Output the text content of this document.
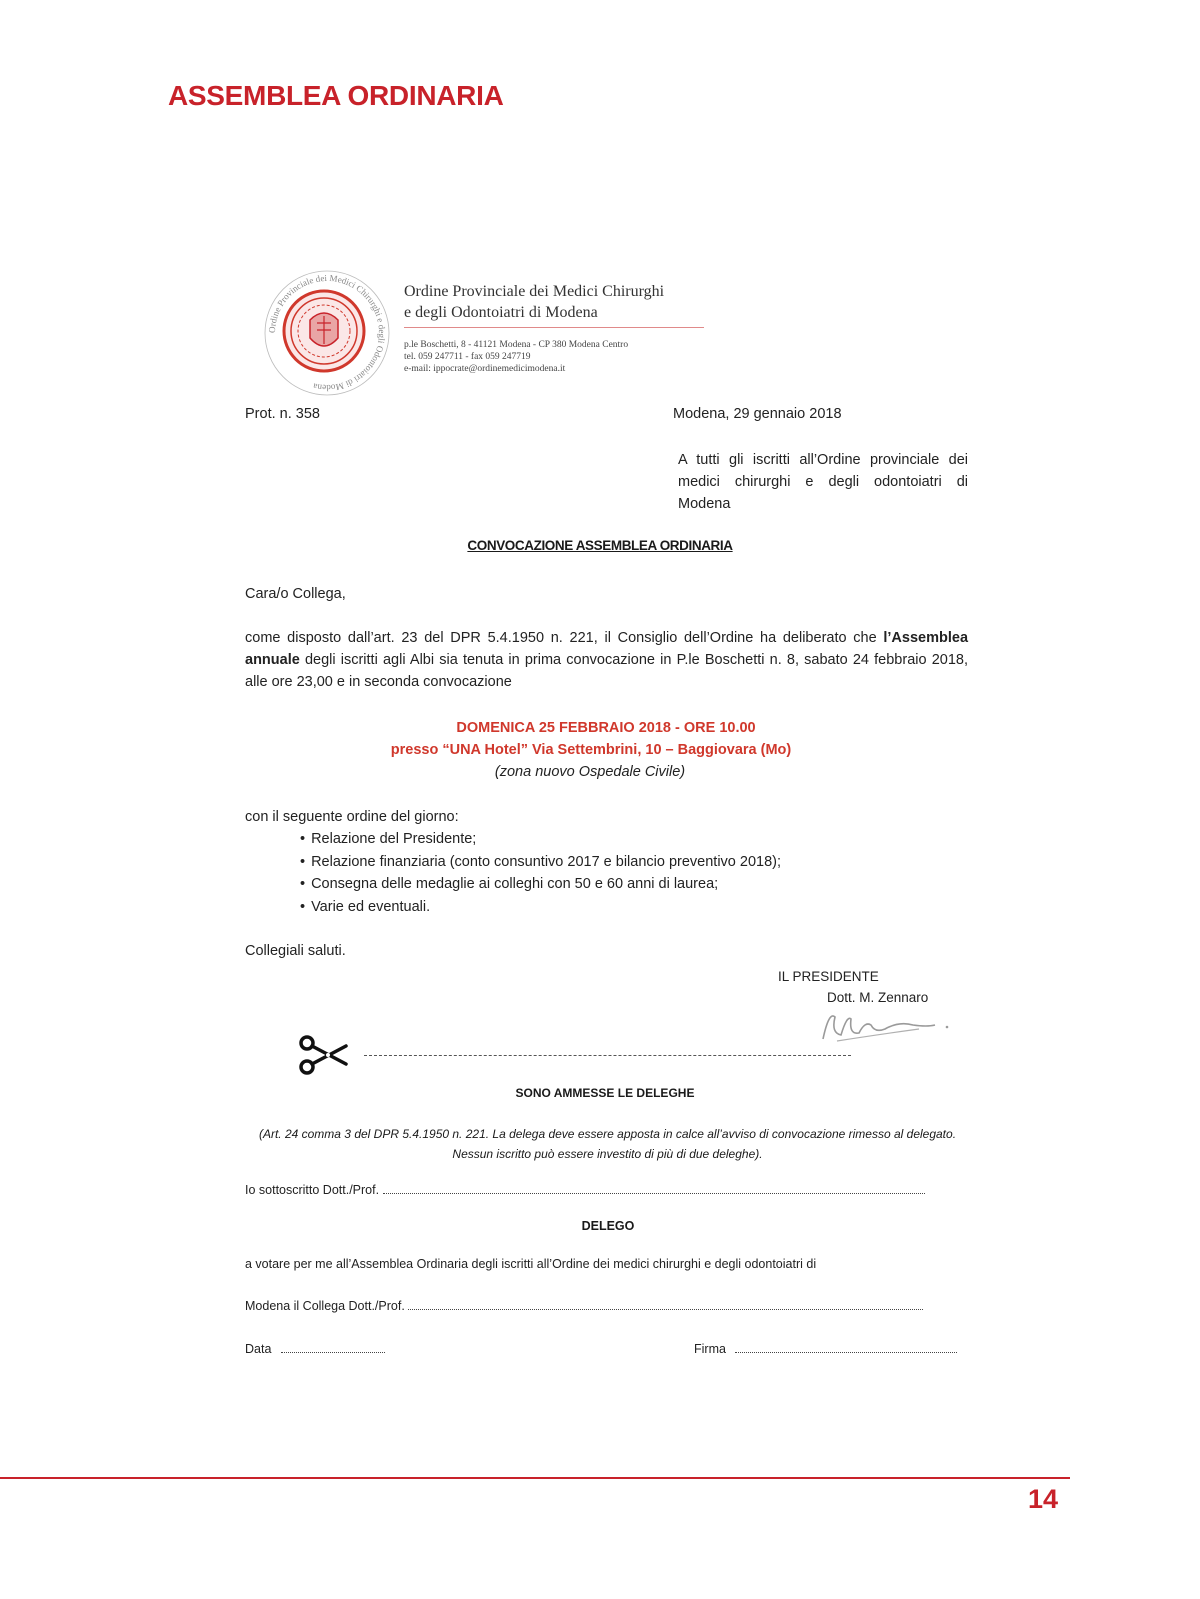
ASSEMBLEA ORDINARIA
Ordine Provinciale dei Medici Chirurghi e degli Odontoiatri di Modena
Ordine Provinciale dei Medici Chirurghi
e degli Odontoiatri di Modena
p.le Boschetti, 8 - 41121 Modena - CP 380 Modena Centro
tel. 059 247711 - fax 059 247719
e-mail: ippocrate@ordinemedicimodena.it
Prot. n. 358	Modena, 29 gennaio 2018
A tutti gli iscritti all’Ordine provinciale dei medici chirurghi e degli odontoiatri di Modena
CONVOCAZIONE ASSEMBLEA ORDINARIA
Cara/o Collega,
come disposto dall’art. 23 del DPR 5.4.1950 n. 221, il Consiglio dell’Ordine ha deliberato che l’Assemblea annuale degli iscritti agli Albi sia tenuta in prima convocazione in P.le Boschetti n. 8, sabato 24 febbraio 2018, alle ore 23,00 e in seconda convocazione
DOMENICA 25 FEBBRAIO 2018 - ORE 10.00
presso “UNA Hotel” Via Settembrini, 10 – Baggiovara (Mo)
(zona nuovo Ospedale Civile)
con il seguente ordine del giorno:
• Relazione del Presidente;
• Relazione finanziaria (conto consuntivo 2017 e bilancio preventivo 2018);
• Consegna delle medaglie ai colleghi con 50 e 60 anni di laurea;
• Varie ed eventuali.
Collegiali saluti.
IL PRESIDENTE
Dott. M. Zennaro
SONO AMMESSE LE DELEGHE
(Art. 24 comma 3 del DPR 5.4.1950 n. 221. La delega deve essere apposta in calce all’avviso di convocazione rimesso al delegato. Nessun iscritto può essere investito di più di due deleghe).
Io sottoscritto Dott./Prof.
DELEGO
a votare per me all’Assemblea Ordinaria degli iscritti all’Ordine dei medici chirurghi e degli odontoiatri di
Modena il Collega Dott./Prof.
Data	Firma
14
